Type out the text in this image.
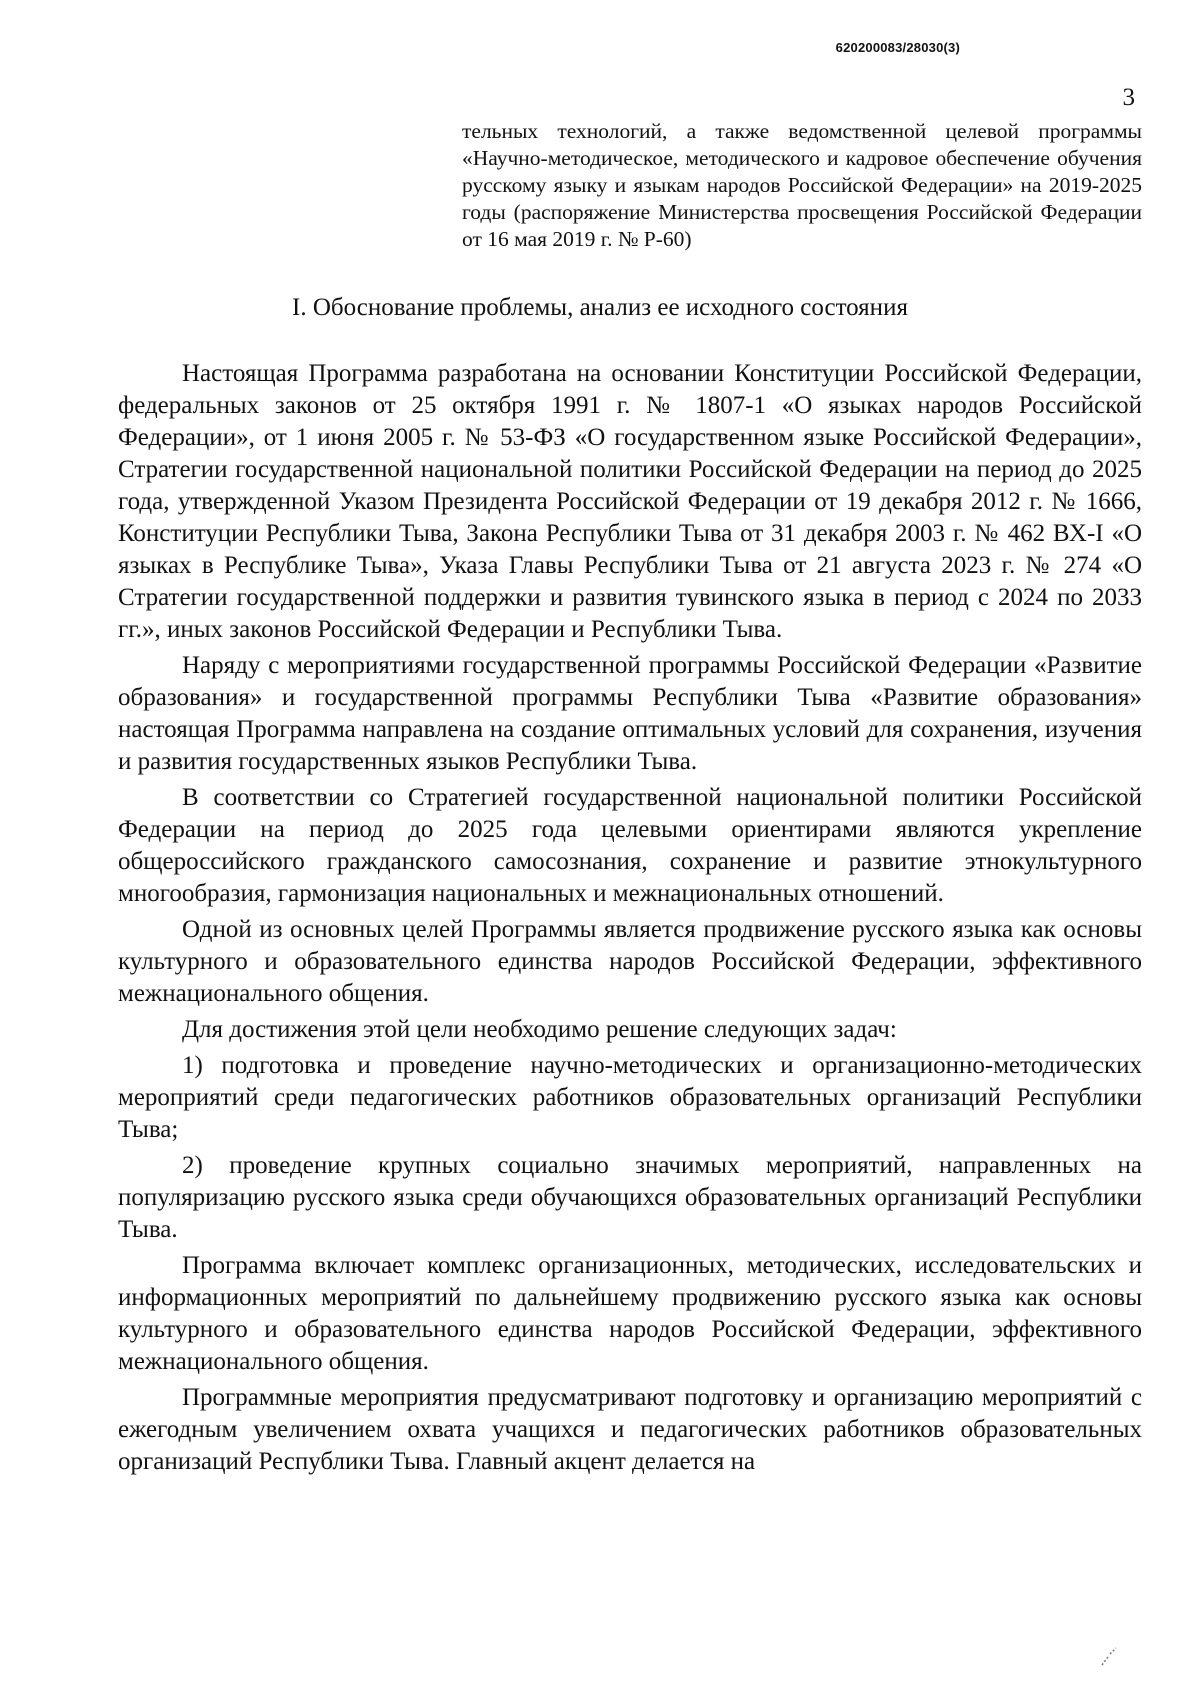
620200083/28030(3)
3
тельных технологий, а также ведомственной целевой программы «Научно-методическое, методического и кадровое обеспечение обучения русскому языку и языкам народов Российской Федерации» на 2019-2025 годы (распоряжение Министерства просвещения Российской Федерации от 16 мая 2019 г. № Р-60)
I. Обоснование проблемы, анализ ее исходного состояния

Настоящая Программа разработана на основании Конституции Российской Федерации, федеральных законов от 25 октября 1991 г. № 1807-1 «О языках народов Российской Федерации», от 1 июня 2005 г. № 53-ФЗ «О государственном языке Российской Федерации», Стратегии государственной национальной политики Российской Федерации на период до 2025 года, утвержденной Указом Президента Российской Федерации от 19 декабря 2012 г. № 1666, Конституции Республики Тыва, Закона Республики Тыва от 31 декабря 2003 г. № 462 ВХ-I «О языках в Республике Тыва», Указа Главы Республики Тыва от 21 августа 2023 г. № 274 «О Стратегии государственной поддержки и развития тувинского языка в период с 2024 по 2033 гг.», иных законов Российской Федерации и Республики Тыва.

Наряду с мероприятиями государственной программы Российской Федерации «Развитие образования» и государственной программы Республики Тыва «Развитие образования» настоящая Программа направлена на создание оптимальных условий для сохранения, изучения и развития государственных языков Республики Тыва.

В соответствии со Стратегией государственной национальной политики Российской Федерации на период до 2025 года целевыми ориентирами являются укрепление общероссийского гражданского самосознания, сохранение и развитие этнокультурного многообразия, гармонизация национальных и межнациональных отношений.

Одной из основных целей Программы является продвижение русского языка как основы культурного и образовательного единства народов Российской Федерации, эффективного межнационального общения.

Для достижения этой цели необходимо решение следующих задач:

1) подготовка и проведение научно-методических и организационно-методических мероприятий среди педагогических работников образовательных организаций Республики Тыва;

2) проведение крупных социально значимых мероприятий, направленных на популяризацию русского языка среди обучающихся образовательных организаций Республики Тыва.

Программа включает комплекс организационных, методических, исследовательских и информационных мероприятий по дальнейшему продвижению русского языка как основы культурного и образовательного единства народов Российской Федерации, эффективного межнационального общения.

Программные мероприятия предусматривают подготовку и организацию мероприятий с ежегодным увеличением охвата учащихся и педагогических работников образовательных организаций Республики Тыва. Главный акцент делается на
